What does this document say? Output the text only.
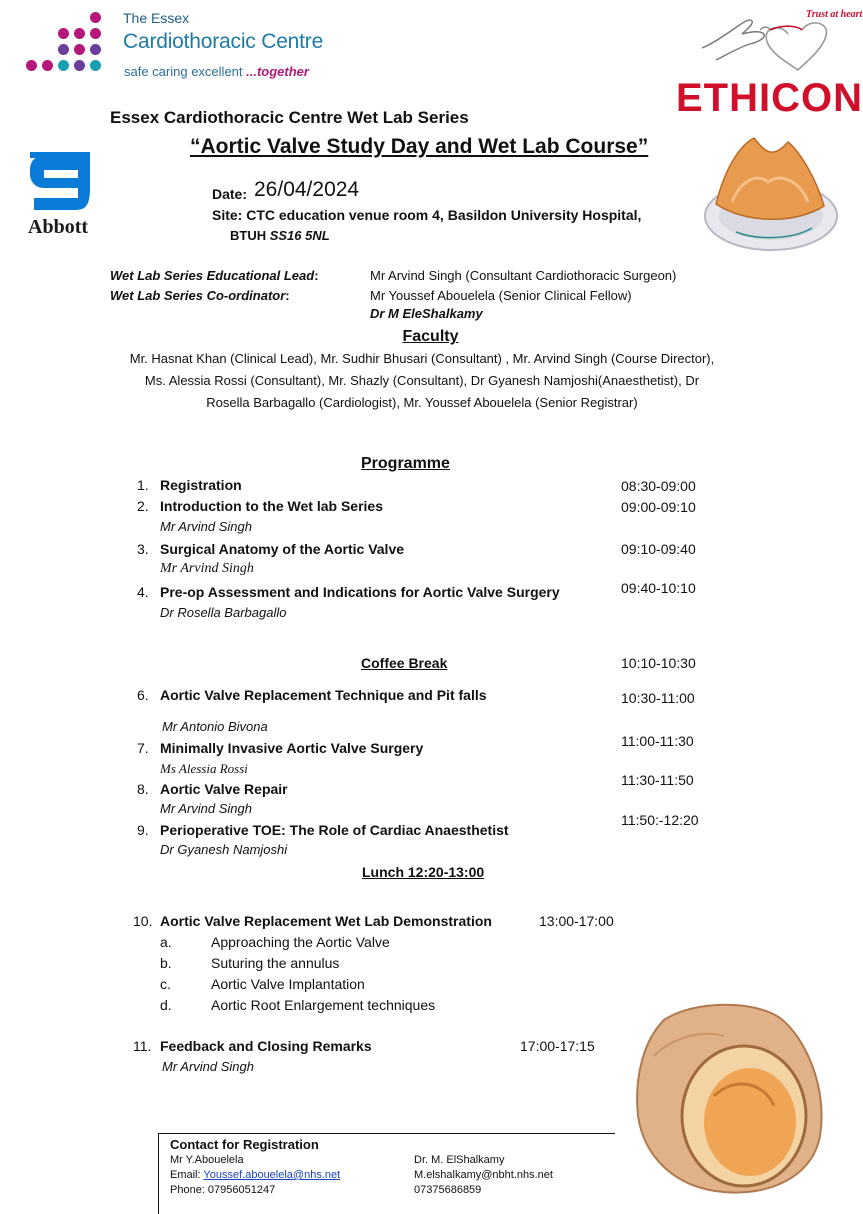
The Essex
Cardiothoracic Centre
safe caring excellent ...together
Trust at heart
ETHICON
Abbott
Essex Cardiothoracic Centre Wet Lab Series
“Aortic Valve Study Day and Wet Lab Course”
Date: 26/04/2024
Site: CTC education venue room 4, Basildon University Hospital,
BTUH SS16 5NL
Wet Lab Series Educational Lead:	Mr Arvind Singh (Consultant Cardiothoracic Surgeon)
Wet Lab Series Co-ordinator:	Mr Youssef Abouelela (Senior Clinical Fellow)
Dr M EleShalkamy
Faculty
Mr. Hasnat Khan (Clinical Lead), Mr. Sudhir Bhusari (Consultant) , Mr. Arvind Singh (Course Director), Ms. Alessia Rossi (Consultant), Mr. Shazly (Consultant), Dr Gyanesh Namjoshi(Anaesthetist), Dr Rosella Barbagallo (Cardiologist), Mr. Youssef Abouelela (Senior Registrar)
Programme
1. Registration	08:30-09:00
2. Introduction to the Wet lab Series
Mr Arvind Singh
09:00-09:10
3. Surgical Anatomy of the Aortic Valve
Mr Arvind Singh
09:10-09:40
4. Pre-op Assessment and Indications for Aortic Valve Surgery
Dr Rosella Barbagallo
09:40-10:10
Coffee Break	10:10-10:30
6. Aortic Valve Replacement Technique and Pit falls
Mr Antonio Bivona
10:30-11:00
7. Minimally Invasive Aortic Valve Surgery
Ms Alessia Rossi
11:00-11:30
8. Aortic Valve Repair
Mr Arvind Singh
11:30-11:50
9. Perioperative TOE: The Role of Cardiac Anaesthetist
Dr Gyanesh Namjoshi
11:50:-12:20
Lunch 12:20-13:00
10. Aortic Valve Replacement Wet Lab Demonstration	13:00-17:00
a.	Approaching the Aortic Valve
b.	Suturing the annulus
c.	Aortic Valve Implantation
d.	Aortic Root Enlargement techniques
11. Feedback and Closing Remarks
Mr Arvind Singh
17:00-17:15
Contact for Registration
Mr Y.Abouelela
Email: Youssef.abouelela@nhs.net
Phone: 07956051247
Dr. M. ElShalkamy
M.elshalkamy@nbht.nhs.net
07375686859
